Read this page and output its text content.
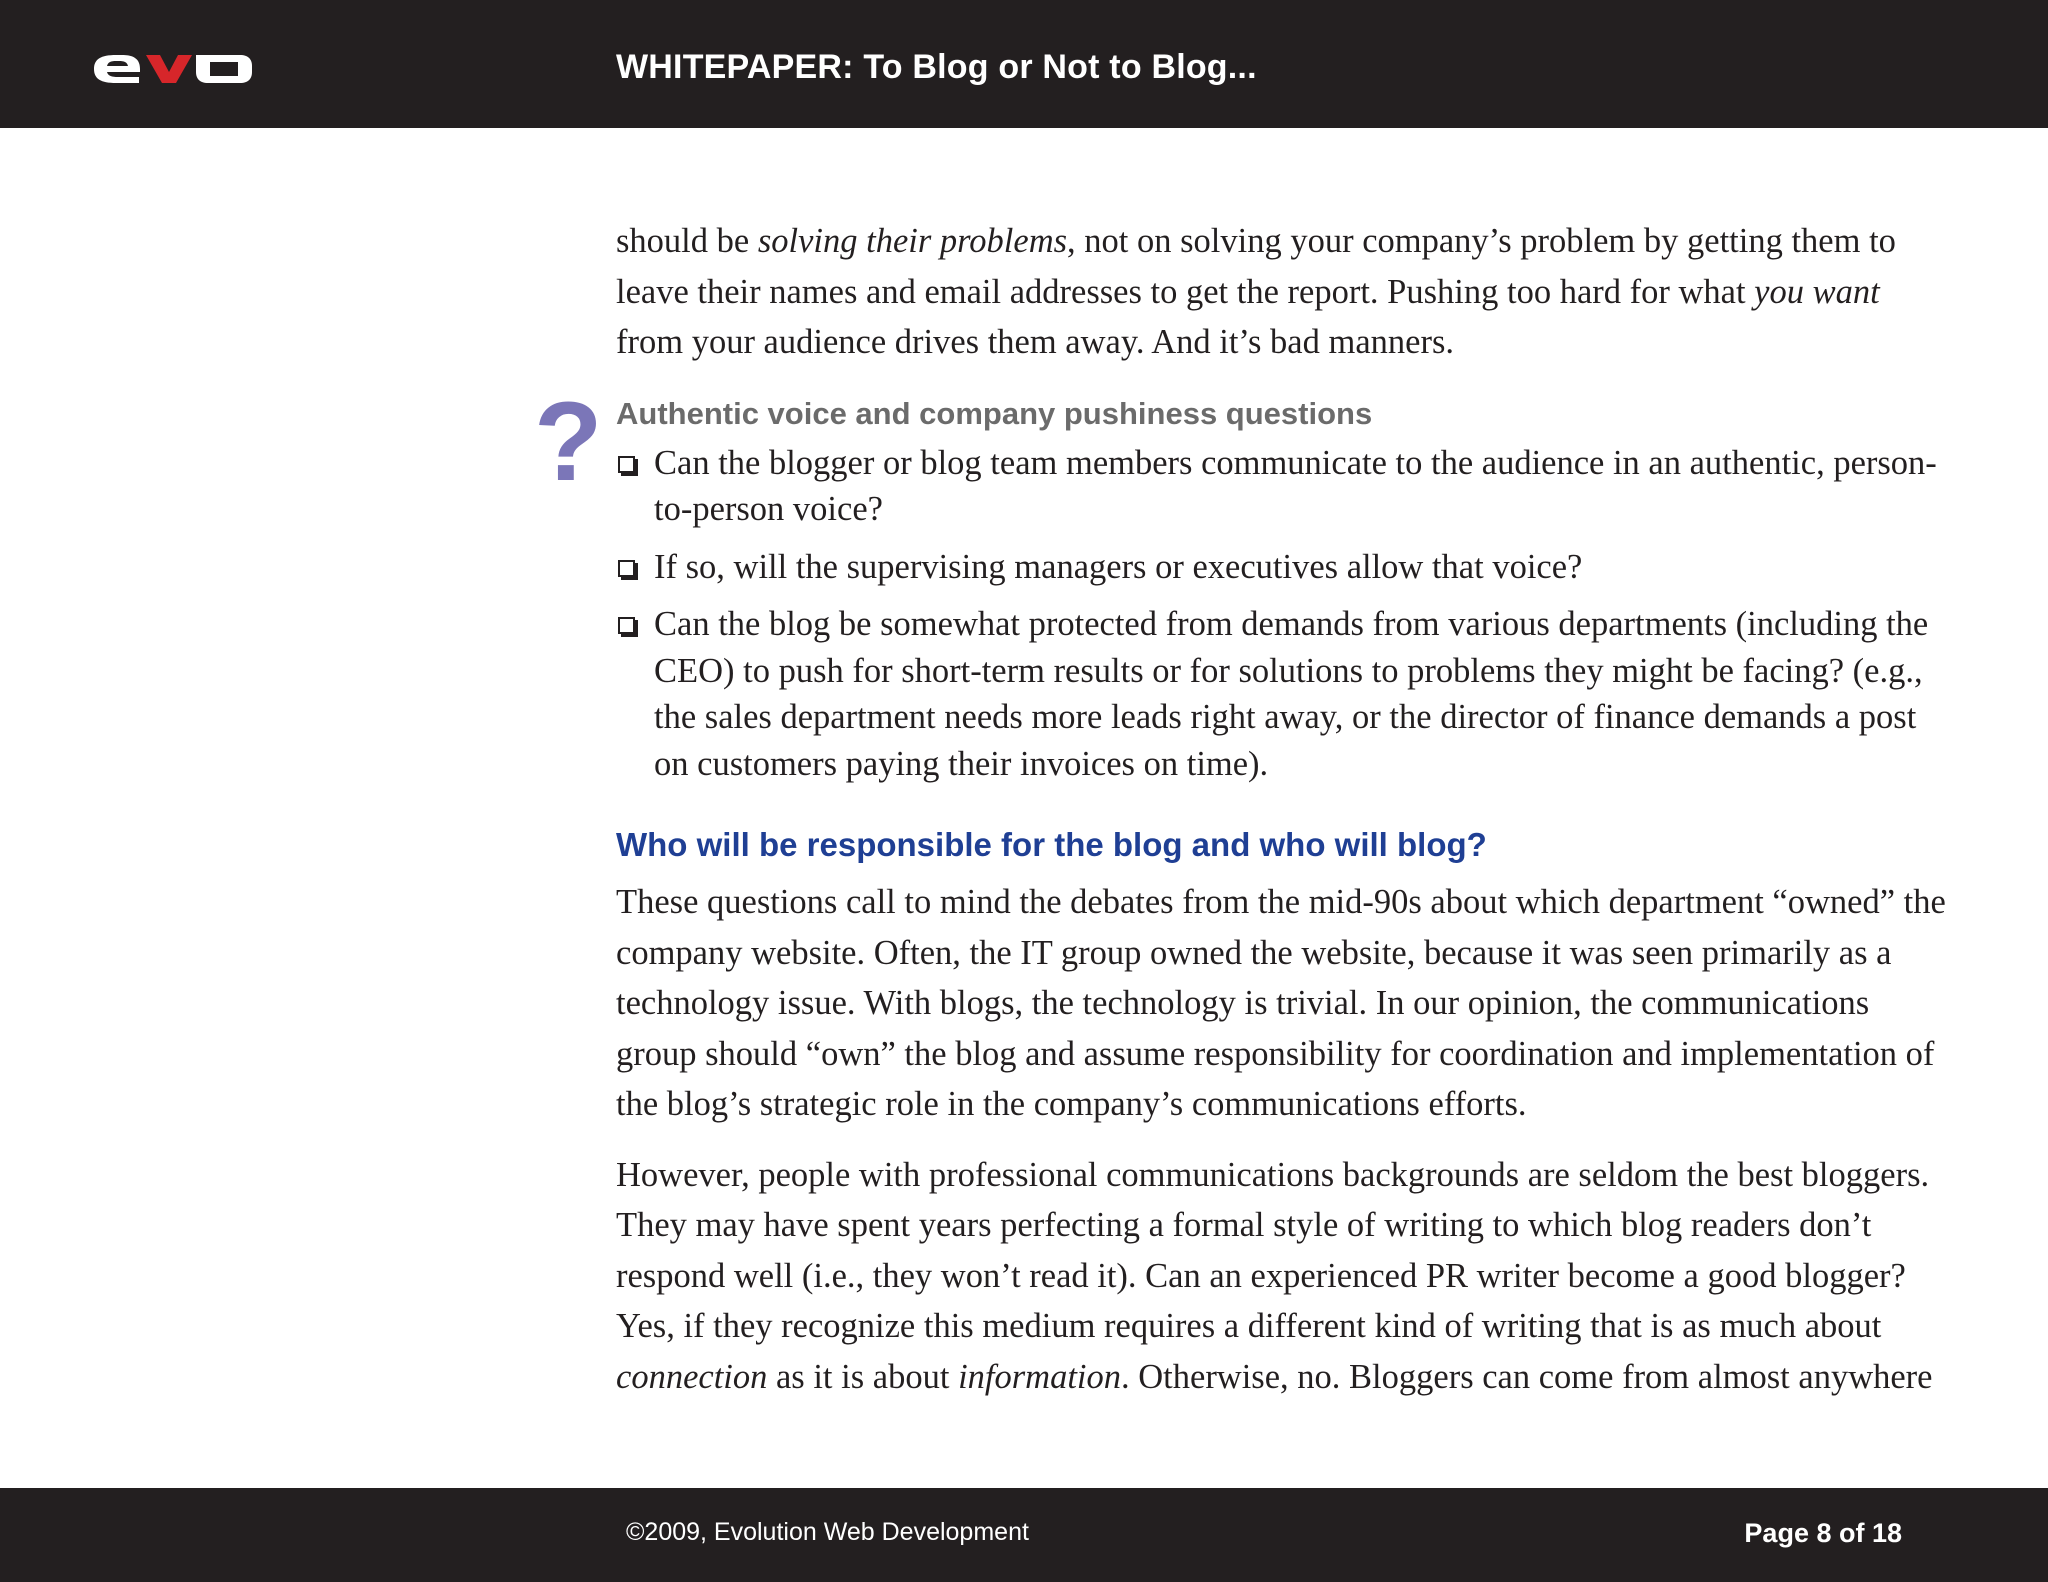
WHITEPAPER: To Blog or Not to Blog...

should be solving their problems, not on solving your company’s problem by getting them to leave their names and email addresses to get the report. Pushing too hard for what you want from your audience drives them away. And it’s bad manners.

? Authentic voice and company pushiness questions

Can the blogger or blog team members communicate to the audience in an authentic, person-to-person voice?
If so, will the supervising managers or executives allow that voice?
Can the blog be somewhat protected from demands from various departments (including the CEO) to push for short-term results or for solutions to problems they might be facing? (e.g., the sales department needs more leads right away, or the director of finance demands a post on customers paying their invoices on time).
Who will be responsible for the blog and who will blog?

These questions call to mind the debates from the mid-90s about which department “owned” the company website. Often, the IT group owned the website, because it was seen primarily as a technology issue. With blogs, the technology is trivial. In our opinion, the communications group should “own” the blog and assume responsibility for coordination and implementation of the blog’s strategic role in the company’s communications efforts.

However, people with professional communications backgrounds are seldom the best bloggers. They may have spent years perfecting a formal style of writing to which blog readers don’t respond well (i.e., they won’t read it). Can an experienced PR writer become a good blogger? Yes, if they recognize this medium requires a different kind of writing that is as much about connection as it is about information. Otherwise, no. Bloggers can come from almost anywhere

©2009, Evolution Web Development	Page 8 of 18
